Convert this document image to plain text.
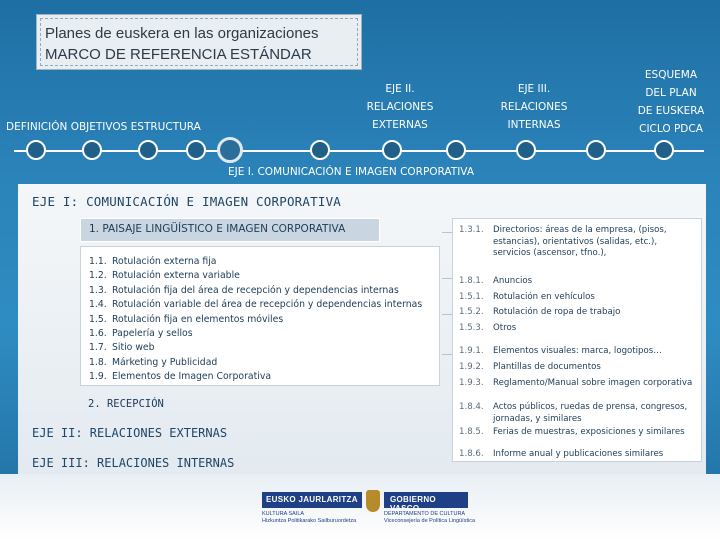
Planes de euskera en las organizaciones
MARCO DE REFERENCIA ESTÁNDAR
DEFINICIÓN OBJETIVOS ESTRUCTURA
EJE II.
RELACIONES
EXTERNAS
EJE III.
RELACIONES
INTERNAS
ESQUEMA
DEL PLAN
DE EUSKERA
CICLO PDCA
EJE I. COMUNICACIÓN E IMAGEN CORPORATIVA
EJE I: COMUNICACIÓN E IMAGEN CORPORATIVA
1. PAISAJE LINGÜÍSTICO E IMAGEN CORPORATIVA
1.1. Rotulación externa fija
1.2. Rotulación externa variable
1.3. Rotulación fija del área de recepción y dependencias internas
1.4. Rotulación variable del área de recepción y dependencias internas
1.5. Rotulación fija en elementos móviles
1.6. Papelería y sellos
1.7. Sitio web
1.8. Márketing y Publicidad
1.9. Elementos de Imagen Corporativa
2. RECEPCIÓN
EJE II: RELACIONES EXTERNAS
EJE III: RELACIONES INTERNAS
1.3.1. Directorios: áreas de la empresa, (pisos, estancias), orientativos (salidas, etc.), servicios (ascensor, tfno.),
1.8.1. Anuncios
1.5.1. Rotulación en vehículos
1.5.2. Rotulación de ropa de trabajo
1.5.3. Otros
1.9.1. Elementos visuales: marca, logotipos…
1.9.2. Plantillas de documentos
1.9.3. Reglamento/Manual sobre imagen corporativa
1.8.4. Actos públicos, ruedas de prensa, congresos, jornadas, y similares
1.8.5. Ferias de muestras, exposiciones y similares
1.8.6. Informe anual y publicaciones similares
EUSKO JAURLARITZA
KULTURA SAILA
Hizkuntza Politikarako Sailburuordetza
GOBIERNO VASCO
DEPARTAMENTO DE CULTURA
Viceconsejería de Política Lingüística
